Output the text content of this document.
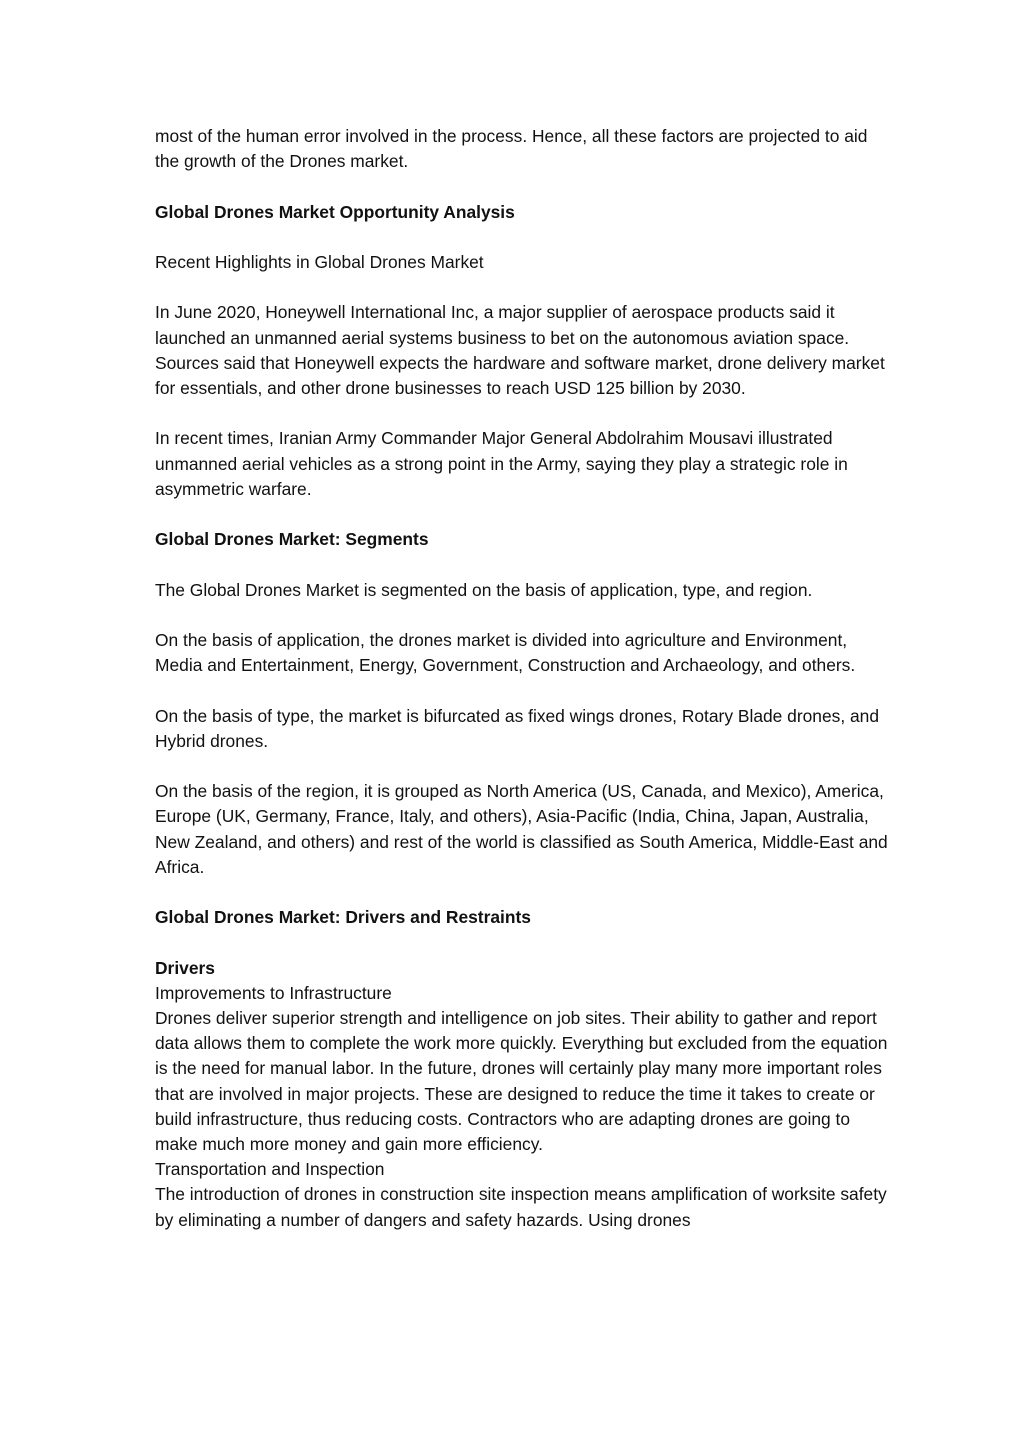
most of the human error involved in the process. Hence, all these factors are projected to aid the growth of the Drones market.

Global Drones Market Opportunity Analysis

Recent Highlights in Global Drones Market

In June 2020, Honeywell International Inc, a major supplier of aerospace products said it launched an unmanned aerial systems business to bet on the autonomous aviation space. Sources said that Honeywell expects the hardware and software market, drone delivery market for essentials, and other drone businesses to reach USD 125 billion by 2030.

In recent times, Iranian Army Commander Major General Abdolrahim Mousavi illustrated unmanned aerial vehicles as a strong point in the Army, saying they play a strategic role in asymmetric warfare.

Global Drones Market: Segments

The Global Drones Market is segmented on the basis of application, type, and region.

On the basis of application, the drones market is divided into agriculture and Environment, Media and Entertainment, Energy, Government, Construction and Archaeology, and others.

On the basis of type, the market is bifurcated as fixed wings drones, Rotary Blade drones, and Hybrid drones.

On the basis of the region, it is grouped as North America (US, Canada, and Mexico), America, Europe (UK, Germany, France, Italy, and others), Asia-Pacific (India, China, Japan, Australia, New Zealand, and others) and rest of the world is classified as South America, Middle-East and Africa.

Global Drones Market: Drivers and Restraints

Drivers

Improvements to Infrastructure

Drones deliver superior strength and intelligence on job sites. Their ability to gather and report data allows them to complete the work more quickly. Everything but excluded from the equation is the need for manual labor. In the future, drones will certainly play many more important roles that are involved in major projects. These are designed to reduce the time it takes to create or build infrastructure, thus reducing costs. Contractors who are adapting drones are going to make much more money and gain more efficiency.

Transportation and Inspection

The introduction of drones in construction site inspection means amplification of worksite safety by eliminating a number of dangers and safety hazards. Using drones
